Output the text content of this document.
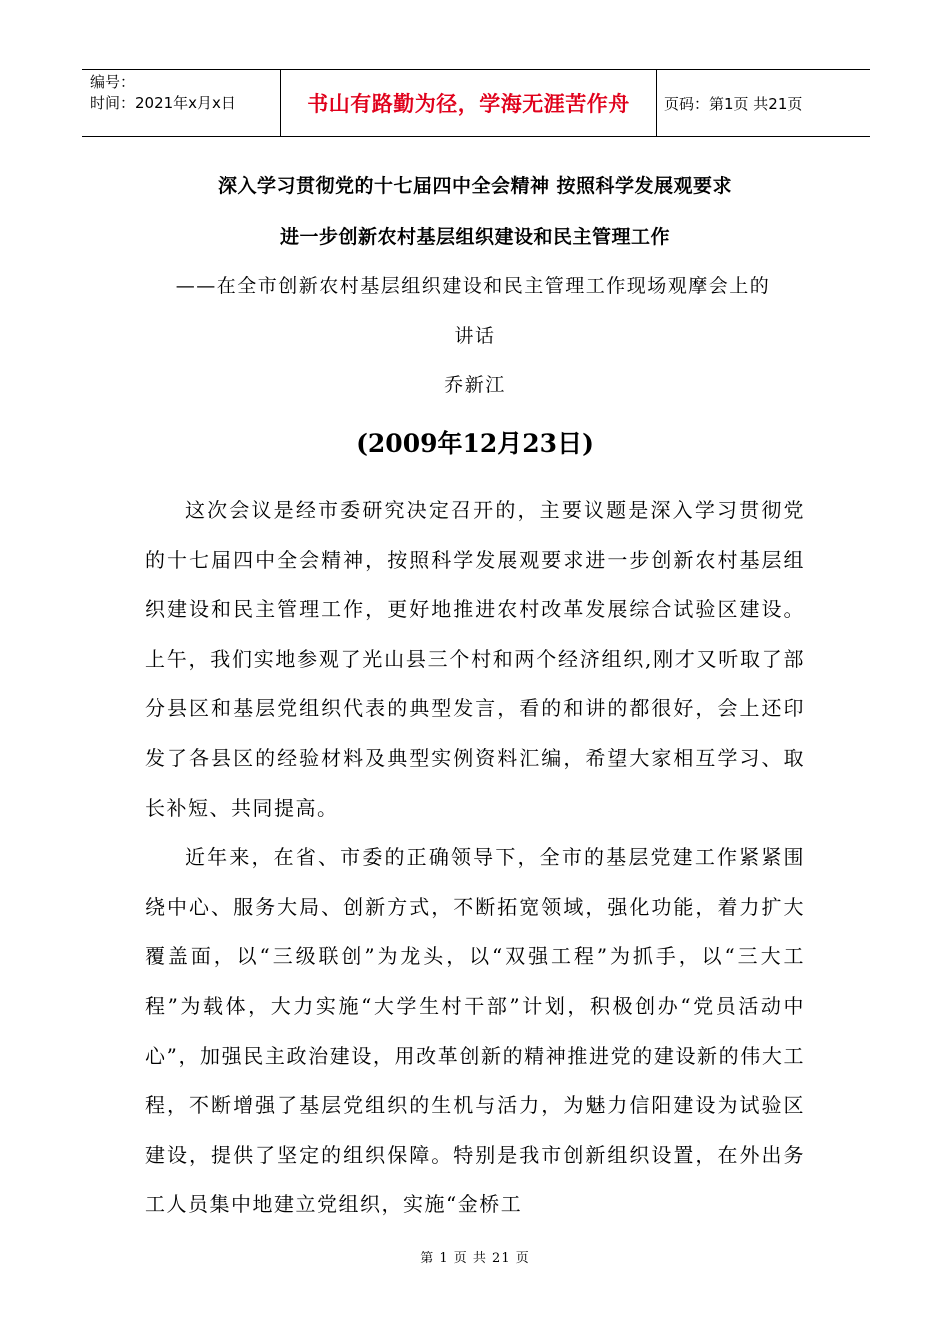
编号：
时间：2021年x月x日	书山有路勤为径，学海无涯苦作舟 页码：第1页 共21页
深入学习贯彻党的十七届四中全会精神 按照科学发展观要求
进一步创新农村基层组织建设和民主管理工作
——在全市创新农村基层组织建设和民主管理工作现场观摩会上的
讲话
乔新江
(2009年12月23日)

这次会议是经市委研究决定召开的，主要议题是深入学习贯彻党的十七届四中全会精神，按照科学发展观要求进一步创新农村基层组织建设和民主管理工作，更好地推进农村改革发展综合试验区建设。上午，我们实地参观了光山县三个村和两个经济组织,刚才又听取了部分县区和基层党组织代表的典型发言，看的和讲的都很好，会上还印发了各县区的经验材料及典型实例资料汇编，希望大家相互学习、取长补短、共同提高。

近年来，在省、市委的正确领导下，全市的基层党建工作紧紧围绕中心、服务大局、创新方式，不断拓宽领域，强化功能，着力扩大覆盖面，以“三级联创”为龙头，以“双强工程”为抓手，以“三大工程”为载体，大力实施“大学生村干部”计划，积极创办“党员活动中心”，加强民主政治建设，用改革创新的精神推进党的建设新的伟大工程，不断增强了基层党组织的生机与活力，为魅力信阳建设为试验区建设，提供了坚定的组织保障。特别是我市创新组织设置，在外出务工人员集中地建立党组织，实施“金桥工

第 1 页 共 21 页
